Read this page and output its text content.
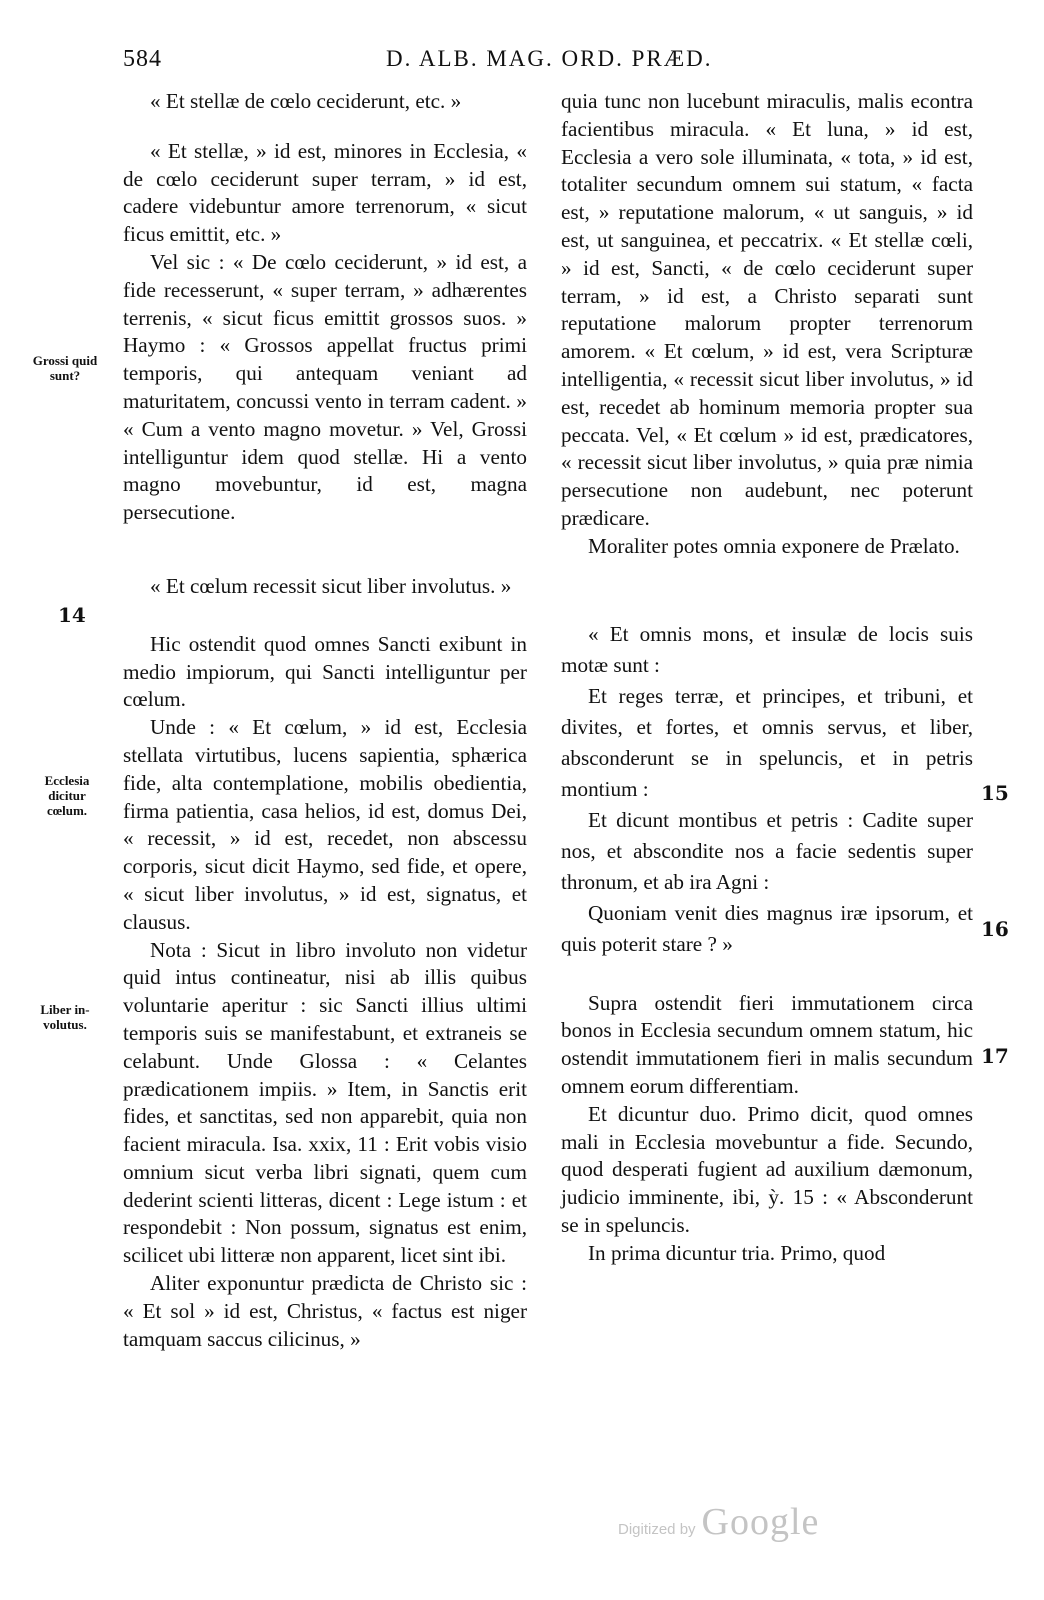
584	D. ALB. MAG. ORD. PRÆD.
Grossi quid sunt?
Ecclesia dicitur cœlum.
Liber in-volutus.
14
15
16
17

« Et stellæ de cœlo ceciderunt, etc. »

« Et stellæ, » id est, minores in Ecclesia, « de cœlo ceciderunt super terram, » id est, cadere videbuntur amore terrenorum, « sicut ficus emittit, etc. »

Vel sic : « De cœlo ceciderunt, » id est, a fide recesserunt, « super terram, » adhærentes terrenis, « sicut ficus emittit grossos suos. » Haymo : « Grossos appellat fructus primi temporis, qui antequam veniant ad maturitatem, concussi vento in terram cadent. » « Cum a vento magno movetur. » Vel, Grossi intelliguntur idem quod stellæ. Hi a vento magno movebuntur, id est, magna persecutione.

« Et cœlum recessit sicut liber involutus. »

Hic ostendit quod omnes Sancti exibunt in medio impiorum, qui Sancti intelliguntur per cœlum.

Unde : « Et cœlum, » id est, Ecclesia stellata virtutibus, lucens sapientia, sphærica fide, alta contemplatione, mobilis obedientia, firma patientia, casa helios, id est, domus Dei, « recessit, » id est, recedet, non abscessu corporis, sicut dicit Haymo, sed fide, et opere, « sicut liber involutus, » id est, signatus, et clausus.

Nota : Sicut in libro involuto non videtur quid intus contineatur, nisi ab illis quibus voluntarie aperitur : sic Sancti illius ultimi temporis suis se manifestabunt, et extraneis se celabunt. Unde Glossa : « Celantes prædicationem impiis. » Item, in Sanctis erit fides, et sanctitas, sed non apparebit, quia non facient miracula. Isa. xxix, 11 : Erit vobis visio omnium sicut verba libri signati, quem cum dederint scienti litteras, dicent : Lege istum : et respondebit : Non possum, signatus est enim, scilicet ubi litteræ non apparent, licet sint ibi.

Aliter exponuntur prædicta de Christo sic : « Et sol » id est, Christus, « factus est niger tamquam saccus cilicinus, »

quia tunc non lucebunt miraculis, malis econtra facientibus miracula. « Et luna, » id est, Ecclesia a vero sole illuminata, « tota, » id est, totaliter secundum omnem sui statum, « facta est, » reputatione malorum, « ut sanguis, » id est, ut sanguinea, et peccatrix. « Et stellæ cœli, » id est, Sancti, « de cœlo ceciderunt super terram, » id est, a Christo separati sunt reputatione malorum propter terrenorum amorem. « Et cœlum, » id est, vera Scripturæ intelligentia, « recessit sicut liber involutus, » id est, recedet ab hominum memoria propter sua peccata. Vel, « Et cœlum » id est, prædicatores, « recessit sicut liber involutus, » quia præ nimia persecutione non audebunt, nec poterunt prædicare.

Moraliter potes omnia exponere de Prælato.

« Et omnis mons, et insulæ de locis suis motæ sunt :

Et reges terræ, et principes, et tribuni, et divites, et fortes, et omnis servus, et liber, absconderunt se in speluncis, et in petris montium :

Et dicunt montibus et petris : Cadite super nos, et abscondite nos a facie sedentis super thronum, et ab ira Agni :

Quoniam venit dies magnus iræ ipsorum, et quis poterit stare ? »

Supra ostendit fieri immutationem circa bonos in Ecclesia secundum omnem statum, hic ostendit immutationem fieri in malis secundum omnem eorum differentiam.

Et dicuntur duo. Primo dicit, quod omnes mali in Ecclesia movebuntur a fide. Secundo, quod desperati fugient ad auxilium dæmonum, judicio imminente, ibi, ỳ. 15 : « Absconderunt se in speluncis.

In prima dicuntur tria. Primo, quod

Digitized by Google
